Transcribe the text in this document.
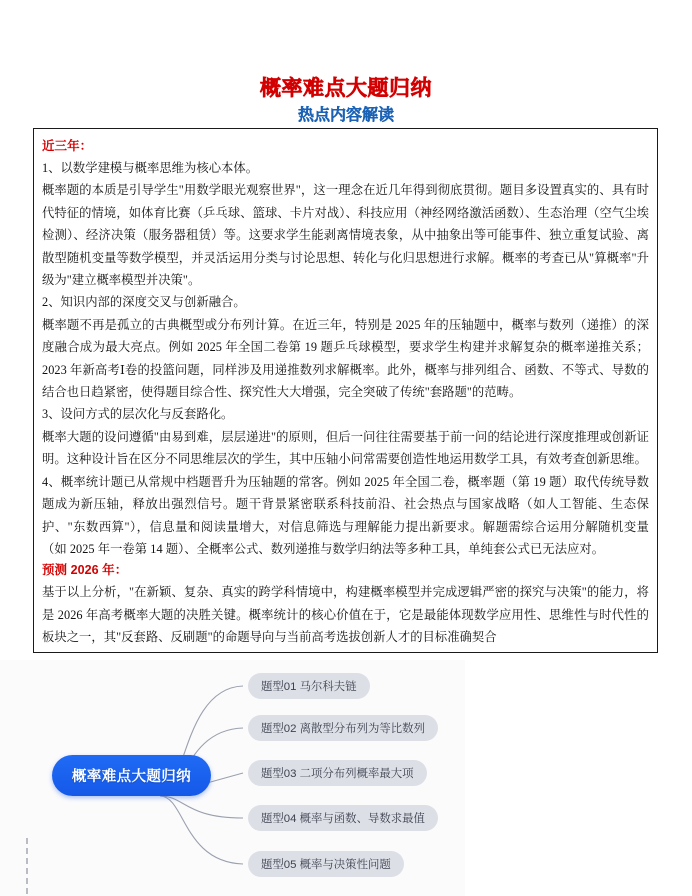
概率难点大题归纳
热点内容解读

近三年：

1、以数学建模与概率思维为核心本体。

概率题的本质是引导学生"用数学眼光观察世界"，这一理念在近几年得到彻底贯彻。题目多设置真实的、具有时代特征的情境，如体育比赛（乒乓球、篮球、卡片对战）、科技应用（神经网络激活函数）、生态治理（空气尘埃检测）、经济决策（服务器租赁）等。这要求学生能剥离情境表象，从中抽象出等可能事件、独立重复试验、离散型随机变量等数学模型，并灵活运用分类与讨论思想、转化与化归思想进行求解。概率的考查已从"算概率"升级为"建立概率模型并决策"。

2、知识内部的深度交叉与创新融合。

概率题不再是孤立的古典概型或分布列计算。在近三年，特别是 2025 年的压轴题中，概率与数列（递推）的深度融合成为最大亮点。例如 2025 年全国二卷第 19 题乒乓球模型，要求学生构建并求解复杂的概率递推关系；2023 年新高考Ⅰ卷的投篮问题，同样涉及用递推数列求解概率。此外，概率与排列组合、函数、不等式、导数的结合也日趋紧密，使得题目综合性、探究性大大增强，完全突破了传统"套路题"的范畴。

3、设问方式的层次化与反套路化。

概率大题的设问遵循"由易到难，层层递进"的原则，但后一问往往需要基于前一问的结论进行深度推理或创新证明。这种设计旨在区分不同思维层次的学生，其中压轴小问常需要创造性地运用数学工具，有效考查创新思维。

4、概率统计题已从常规中档题晋升为压轴题的常客。例如 2025 年全国二卷，概率题（第 19 题）取代传统导数题成为新压轴，释放出强烈信号。题干背景紧密联系科技前沿、社会热点与国家战略（如人工智能、生态保护、"东数西算"），信息量和阅读量增大，对信息筛选与理解能力提出新要求。解题需综合运用分解随机变量（如 2025 年一卷第 14 题）、全概率公式、数列递推与数学归纳法等多种工具，单纯套公式已无法应对。

预测 2026 年：

基于以上分析，"在新颖、复杂、真实的跨学科情境中，构建概率模型并完成逻辑严密的探究与决策"的能力，将是 2026 年高考概率大题的决胜关键。概率统计的核心价值在于，它是最能体现数学应用性、思维性与时代性的板块之一，其"反套路、反刷题"的命题导向与当前高考选拔创新人才的目标准确契合

概率难点大题归纳
题型01 马尔科夫链
题型02 离散型分布列为等比数列
题型03 二项分布列概率最大项
题型04 概率与函数、导数求最值
题型05 概率与决策性问题
